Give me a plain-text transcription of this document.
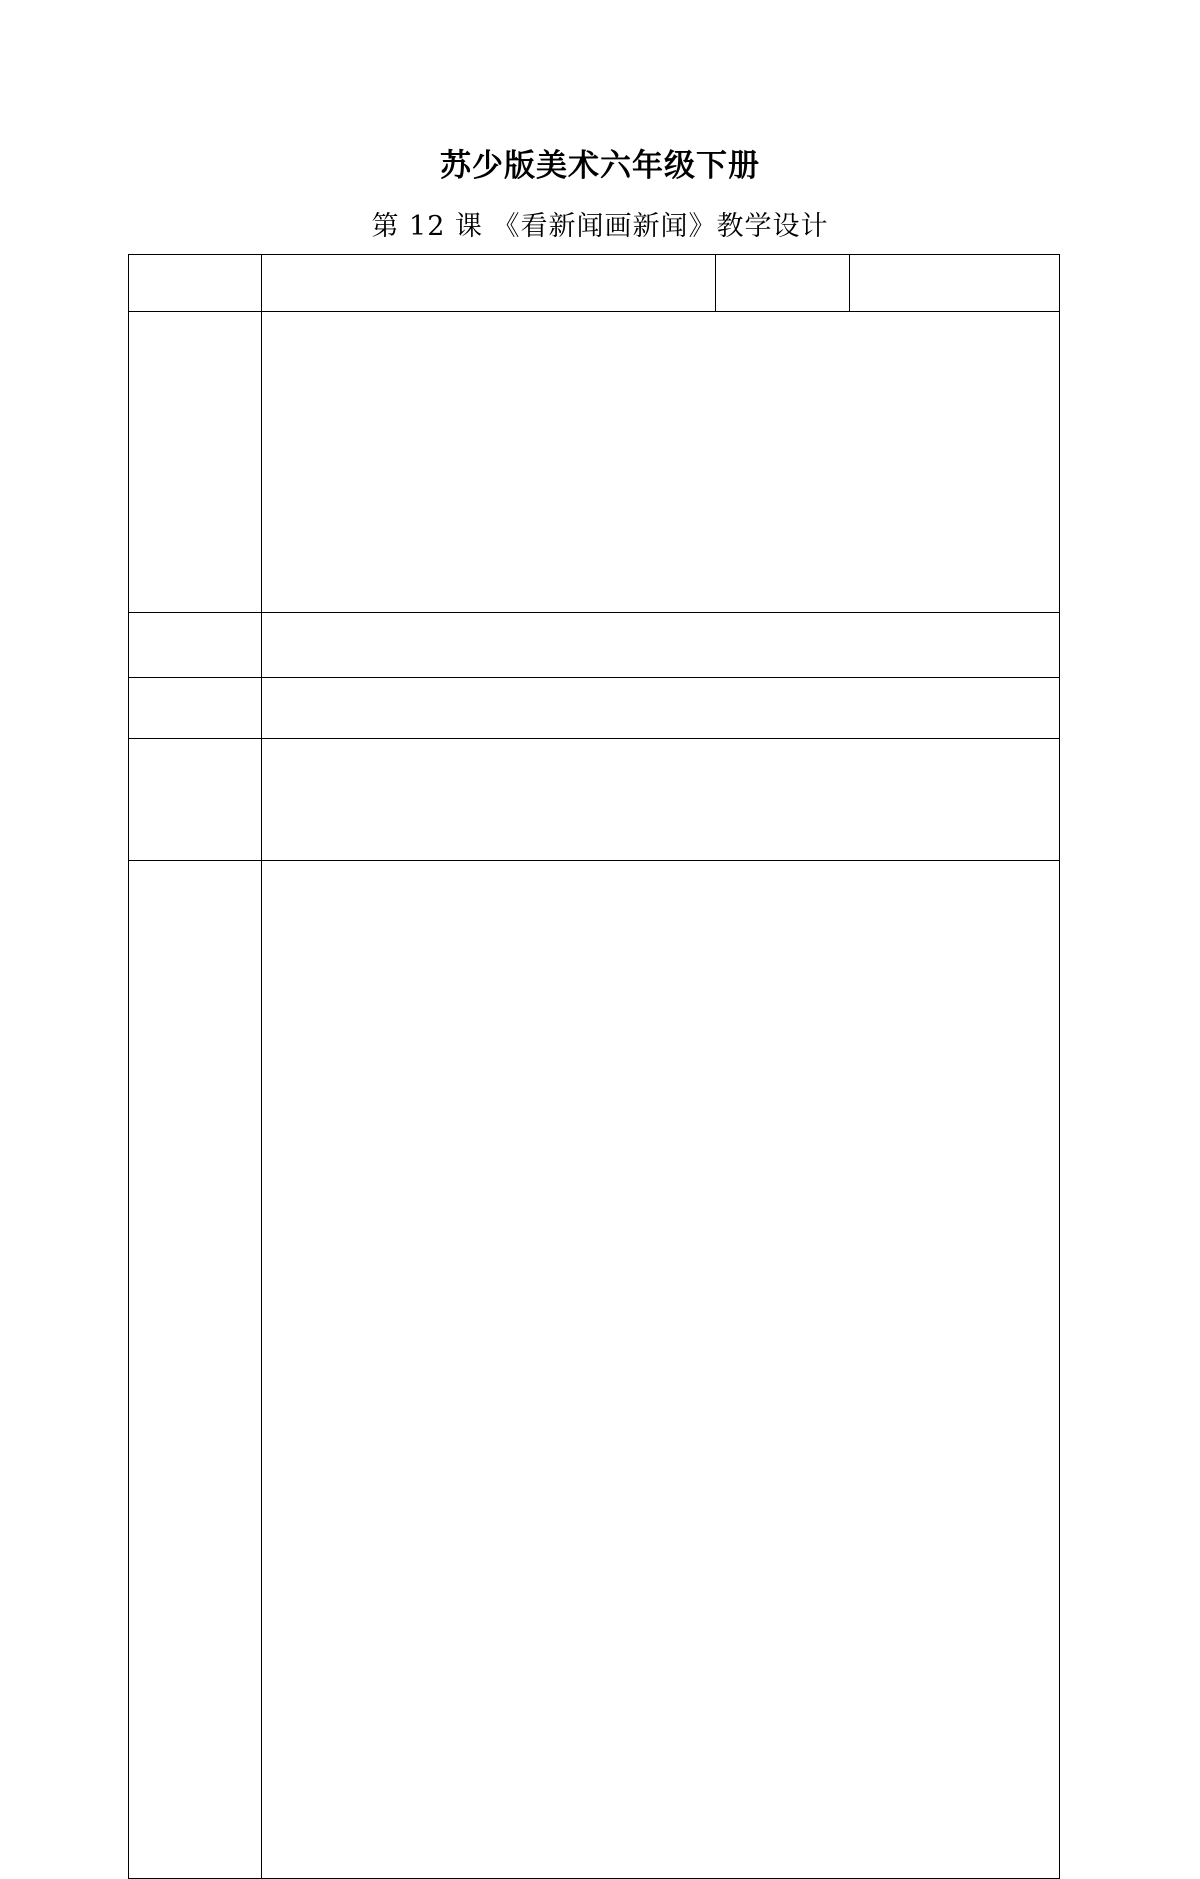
苏少版美术六年级下册
第 12 课 《看新闻画新闻》教学设计
